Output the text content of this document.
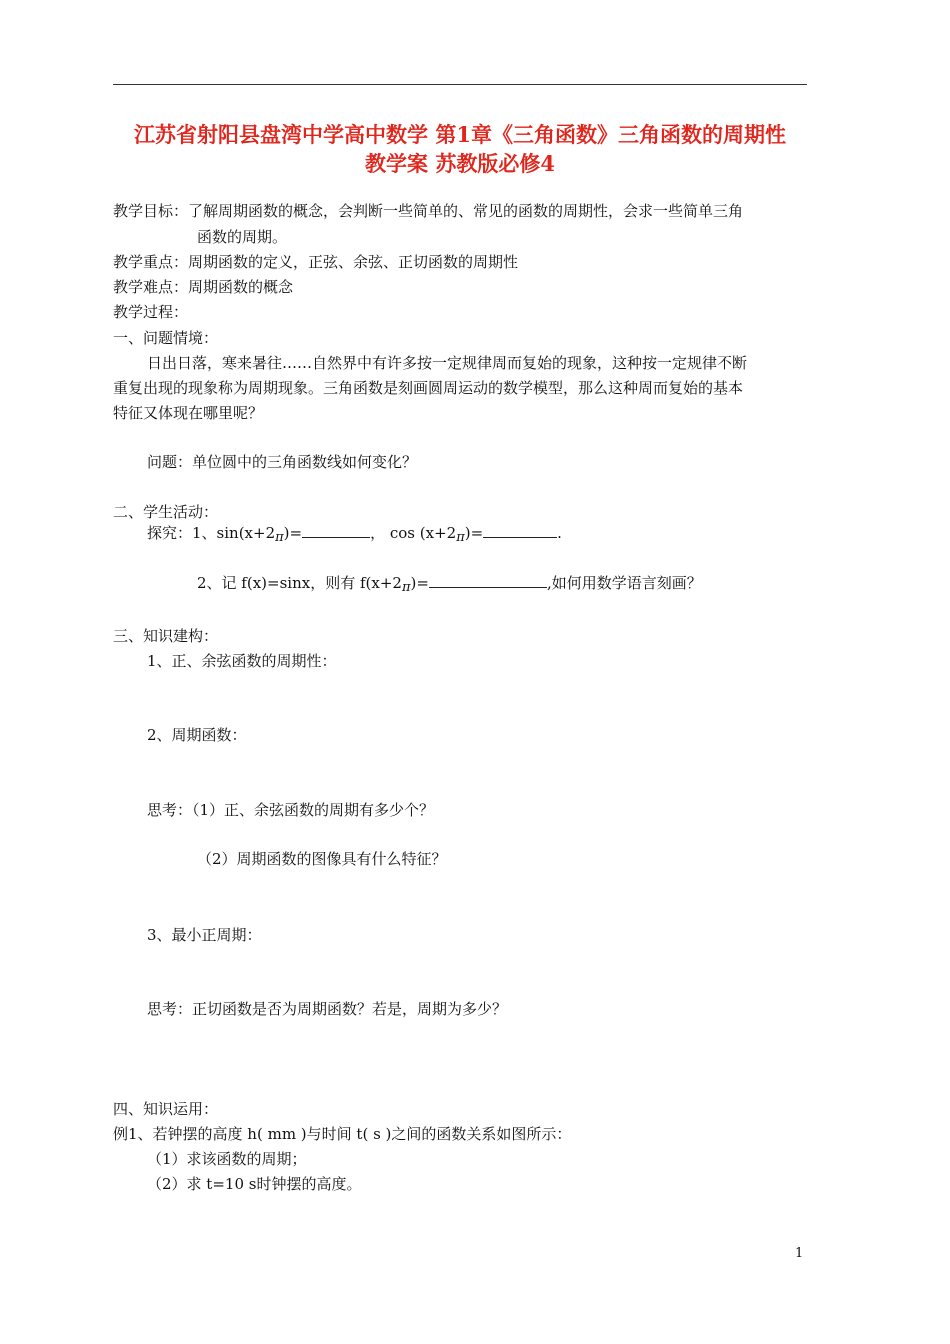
江苏省射阳县盘湾中学高中数学 第1章《三角函数》三角函数的周期性
教学案 苏教版必修4
教学目标：了解周期函数的概念，会判断一些简单的、常见的函数的周期性，会求一些简单三角
函数的周期。
教学重点：周期函数的定义，正弦、余弦、正切函数的周期性
教学难点：周期函数的概念
教学过程：
一、问题情境：
日出日落，寒来暑往……自然界中有许多按一定规律周而复始的现象，这种按一定规律不断
重复出现的现象称为周期现象。三角函数是刻画圆周运动的数学模型，那么这种周而复始的基本
特征又体现在哪里呢？
问题：单位圆中的三角函数线如何变化？
二、学生活动：
探究：1、sin(x+2π)=	， cos (x+2π)=	.
2、记 f(x)=sinx，则有 f(x+2π)=	,如何用数学语言刻画？
三、知识建构：
1、正、余弦函数的周期性：
2、周期函数：
思考：（1）正、余弦函数的周期有多少个？
（2）周期函数的图像具有什么特征？
3、最小正周期：
思考：正切函数是否为周期函数？若是，周期为多少？
四、知识运用：
例1、若钟摆的高度 h( mm )与时间 t( s )之间的函数关系如图所示：
（1）求该函数的周期；
（2）求 t=10 s时钟摆的高度。
1
